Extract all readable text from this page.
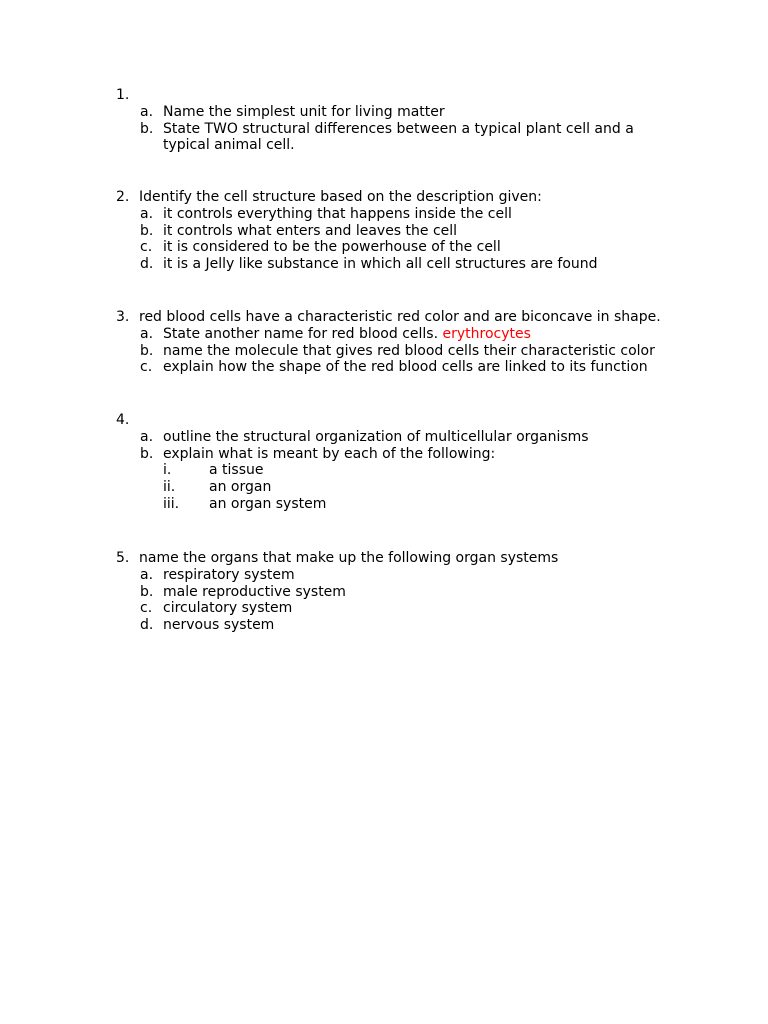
1.
a. Name the simplest unit for living matter
b. State TWO structural differences between a typical plant cell and a typical animal cell.
2. Identify the cell structure based on the description given:
a. it controls everything that happens inside the cell
b. it controls what enters and leaves the cell
c. it is considered to be the powerhouse of the cell
d. it is a Jelly like substance in which all cell structures are found
3. red blood cells have a characteristic red color and are biconcave in shape.
a. State another name for red blood cells. erythrocytes
b. name the molecule that gives red blood cells their characteristic color
c. explain how the shape of the red blood cells are linked to its function
4.
a. outline the structural organization of multicellular organisms
b. explain what is meant by each of the following:
i.	a tissue
ii. an organ
iii. an organ system
5. name the organs that make up the following organ systems
a. respiratory system
b. male reproductive system
c. circulatory system
d. nervous system
